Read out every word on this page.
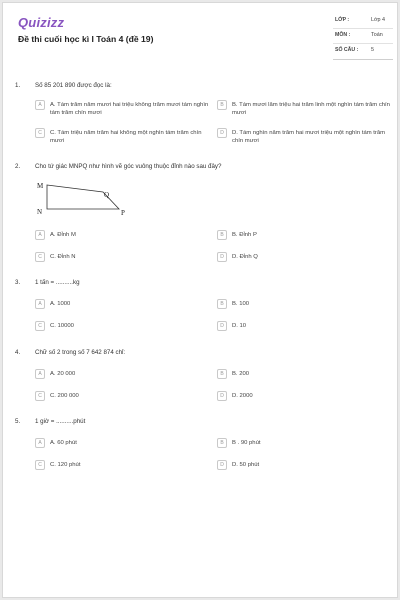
Quizizz
Đề thi cuối học kì I Toán 4 (đề 19)
LỚP :	Lớp 4
MÔN :	Toán
SỐ CÂU : 5
1. Số 85 201 890 được đọc là:
A	A. Tám trăm năm mươi hai triệu không trăm mươi tám nghìn tám trăm chín mươi
B	B. Tám mươi lăm triệu hai trăm linh một nghìn tám trăm chín mươi
C	C. Tám triệu năm trăm hai không một nghìn tám trăm chín mươi
D	D. Tám nghìn năm trăm hai mươi triệu một nghìn tám trăm chín mươi
2. Cho tứ giác MNPQ như hình vẽ góc vuông thuộc đỉnh nào sau đây?
M
N	P
Q
A	A. Đỉnh M	B	B. Đỉnh P
C	C. Đỉnh N	D	D. Đỉnh Q
3. 1 tấn = ..........kg
A	A. 1000	B	B. 100
C	C. 10000	D	D. 10
4. Chữ số 2 trong số 7 642 874 chỉ:
A	A. 20 000	B	B. 200
C	C. 200 000	D	D. 2000
5. 1 giờ = ..........phút
A	A. 60 phút	B	B . 90 phút
C	C. 120 phút	D	D. 50 phút
